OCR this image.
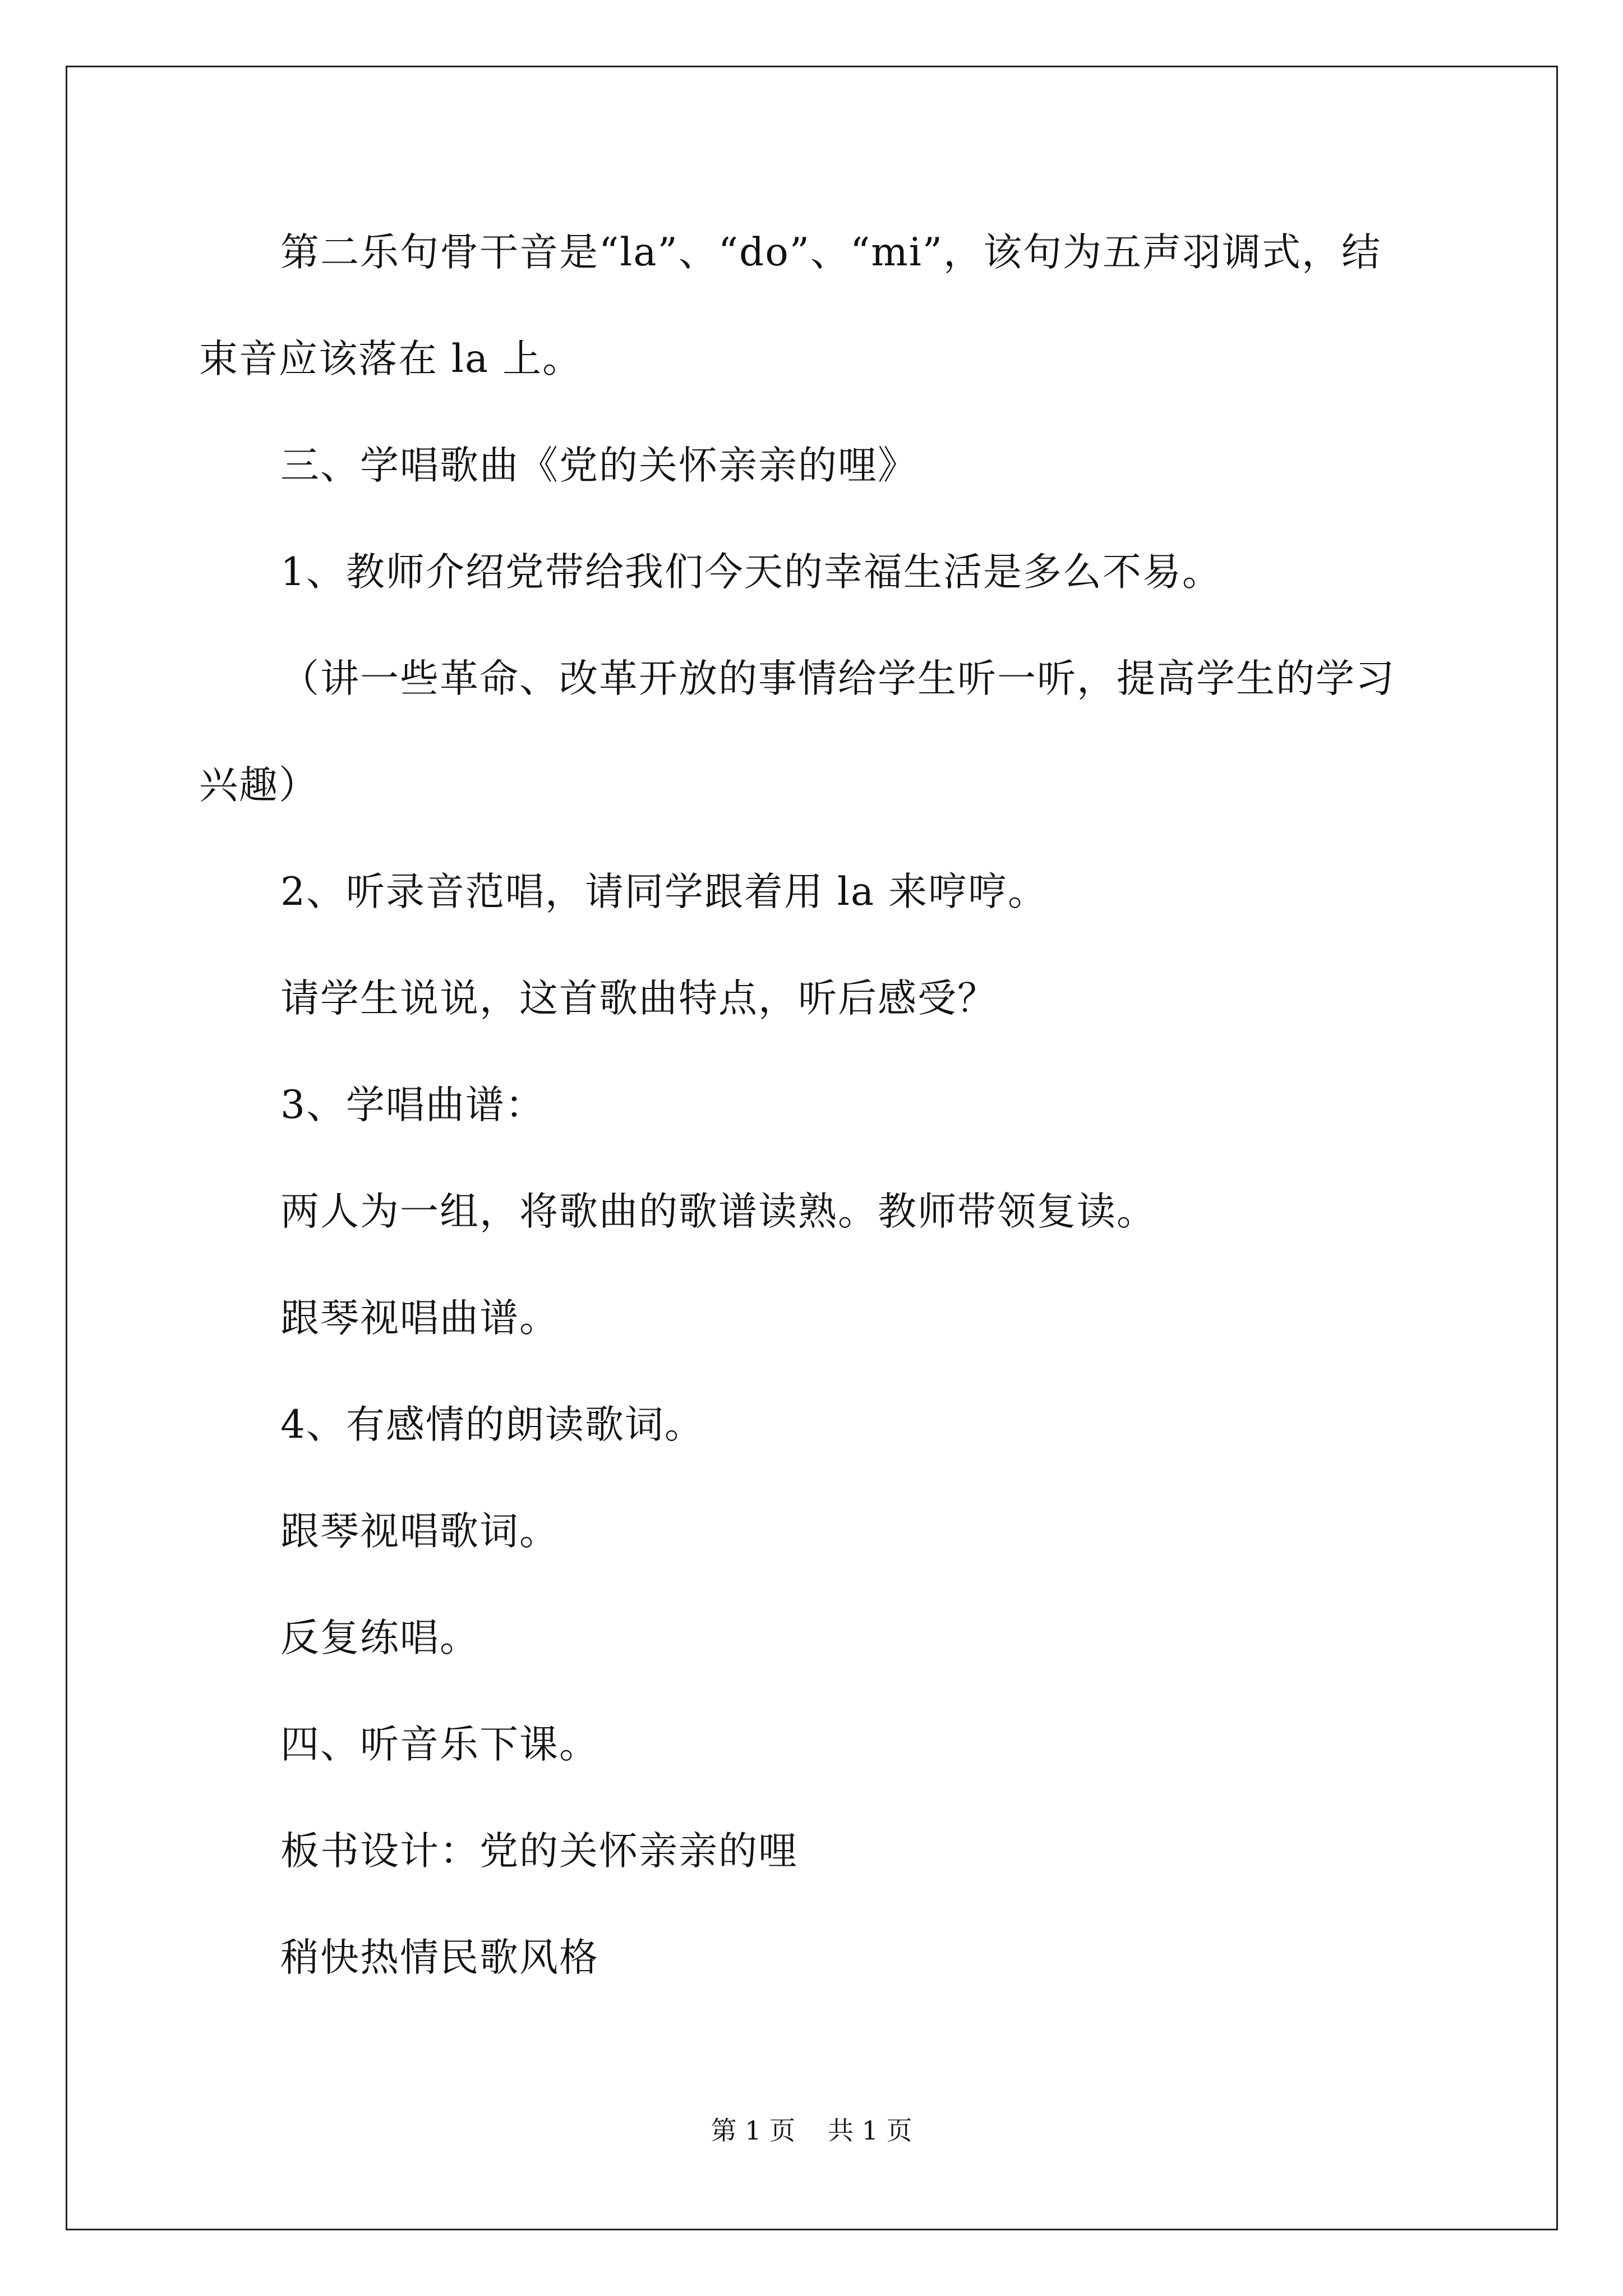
第二乐句骨干音是“la”、“do”、“mi”，该句为五声羽调式，结
束音应该落在 la 上。
三、学唱歌曲《党的关怀亲亲的哩》
1、教师介绍党带给我们今天的幸福生活是多么不易。
（讲一些革命、改革开放的事情给学生听一听，提高学生的学习
兴趣）
2、听录音范唱，请同学跟着用 la 来哼哼。
请学生说说，这首歌曲特点，听后感受？
3、学唱曲谱：
两人为一组，将歌曲的歌谱读熟。教师带领复读。
跟琴视唱曲谱。
4、有感情的朗读歌词。
跟琴视唱歌词。
反复练唱。
四、听音乐下课。
板书设计：党的关怀亲亲的哩
稍快热情民歌风格
第 1 页 共 1 页
